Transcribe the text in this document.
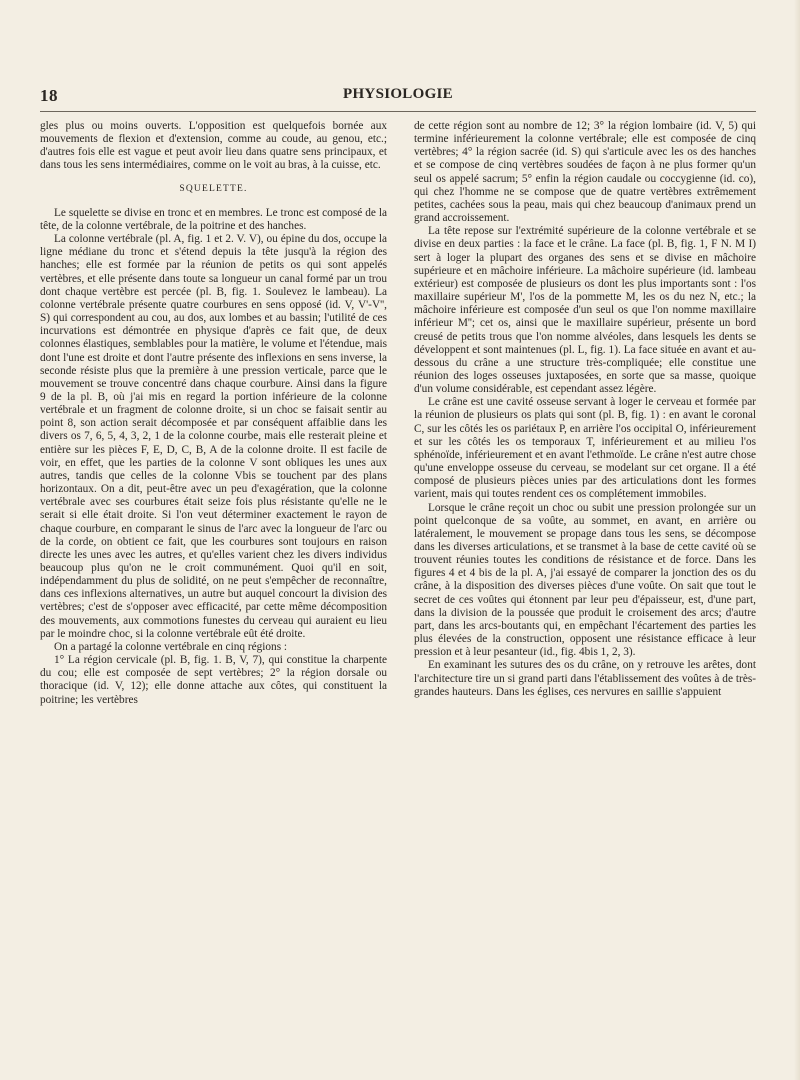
18	PHYSIOLOGIE

gles plus ou moins ouverts. L'opposition est quelquefois bornée aux mouvements de flexion et d'extension, comme au coude, au genou, etc.; d'autres fois elle est vague et peut avoir lieu dans quatre sens principaux, et dans tous les sens intermédiaires, comme on le voit au bras, à la cuisse, etc.

SQUELETTE.

Le squelette se divise en tronc et en membres. Le tronc est composé de la tête, de la colonne vertébrale, de la poitrine et des hanches.

La colonne vertébrale (pl. A, fig. 1 et 2. V. V), ou épine du dos, occupe la ligne médiane du tronc et s'étend depuis la tête jusqu'à la région des hanches; elle est formée par la réunion de petits os qui sont appelés vertèbres, et elle présente dans toute sa longueur un canal formé par un trou dont chaque vertèbre est percée (pl. B, fig. 1. Soulevez le lambeau). La colonne vertébrale présente quatre courbures en sens opposé (id. V, V'-V'', S) qui correspondent au cou, au dos, aux lombes et au bassin; l'utilité de ces incurvations est démontrée en physique d'après ce fait que, de deux colonnes élastiques, semblables pour la matière, le volume et l'étendue, mais dont l'une est droite et dont l'autre présente des inflexions en sens inverse, la seconde résiste plus que la première à une pression verticale, parce que le mouvement se trouve concentré dans chaque courbure. Ainsi dans la figure 9 de la pl. B, où j'ai mis en regard la portion inférieure de la colonne vertébrale et un fragment de colonne droite, si un choc se faisait sentir au point 8, son action serait décomposée et par conséquent affaiblie dans les divers os 7, 6, 5, 4, 3, 2, 1 de la colonne courbe, mais elle resterait pleine et entière sur les pièces F, E, D, C, B, A de la colonne droite. Il est facile de voir, en effet, que les parties de la colonne V sont obliques les unes aux autres, tandis que celles de la colonne Vbis se touchent par des plans horizontaux. On a dit, peut-être avec un peu d'exagération, que la colonne vertébrale avec ses courbures était seize fois plus résistante qu'elle ne le serait si elle était droite. Si l'on veut déterminer exactement le rayon de chaque courbure, en comparant le sinus de l'arc avec la longueur de l'arc ou de la corde, on obtient ce fait, que les courbures sont toujours en raison directe les unes avec les autres, et qu'elles varient chez les divers individus beaucoup plus qu'on ne le croit communément. Quoi qu'il en soit, indépendamment du plus de solidité, on ne peut s'empêcher de reconnaître, dans ces inflexions alternatives, un autre but auquel concourt la division des vertèbres; c'est de s'opposer avec efficacité, par cette même décomposition des mouvements, aux commotions funestes du cerveau qui auraient eu lieu par le moindre choc, si la colonne vertébrale eût été droite.

On a partagé la colonne vertébrale en cinq régions :

1° La région cervicale (pl. B, fig. 1. B, V, 7), qui constitue la charpente du cou; elle est composée de sept vertèbres; 2° la région dorsale ou thoracique (id. V, 12); elle donne attache aux côtes, qui constituent la poitrine; les vertèbres

de cette région sont au nombre de 12; 3° la région lombaire (id. V, 5) qui termine inférieurement la colonne vertébrale; elle est composée de cinq vertèbres; 4° la région sacrée (id. S) qui s'articule avec les os des hanches et se compose de cinq vertèbres soudées de façon à ne plus former qu'un seul os appelé sacrum; 5° enfin la région caudale ou coccygienne (id. co), qui chez l'homme ne se compose que de quatre vertèbres extrêmement petites, cachées sous la peau, mais qui chez beaucoup d'animaux prend un grand accroissement.

La tête repose sur l'extrémité supérieure de la colonne vertébrale et se divise en deux parties : la face et le crâne. La face (pl. B, fig. 1, F N. M I) sert à loger la plupart des organes des sens et se divise en mâchoire supérieure et en mâchoire inférieure. La mâchoire supérieure (id. lambeau extérieur) est composée de plusieurs os dont les plus importants sont : l'os maxillaire supérieur M', l'os de la pommette M, les os du nez N, etc.; la mâchoire inférieure est composée d'un seul os que l'on nomme maxillaire inférieur M''; cet os, ainsi que le maxillaire supérieur, présente un bord creusé de petits trous que l'on nomme alvéoles, dans lesquels les dents se développent et sont maintenues (pl. L, fig. 1). La face située en avant et au-dessous du crâne a une structure très-compliquée; elle constitue une réunion des loges osseuses juxtaposées, en sorte que sa masse, quoique d'un volume considérable, est cependant assez légère.

Le crâne est une cavité osseuse servant à loger le cerveau et formée par la réunion de plusieurs os plats qui sont (pl. B, fig. 1) : en avant le coronal C, sur les côtés les os pariétaux P, en arrière l'os occipital O, inférieurement et sur les côtés les os temporaux T, inférieurement et au milieu l'os sphénoïde, inférieurement et en avant l'ethmoïde. Le crâne n'est autre chose qu'une enveloppe osseuse du cerveau, se modelant sur cet organe. Il a été composé de plusieurs pièces unies par des articulations dont les formes varient, mais qui toutes rendent ces os complétement immobiles.

Lorsque le crâne reçoit un choc ou subit une pression prolongée sur un point quelconque de sa voûte, au sommet, en avant, en arrière ou latéralement, le mouvement se propage dans tous les sens, se décompose dans les diverses articulations, et se transmet à la base de cette cavité où se trouvent réunies toutes les conditions de résistance et de force. Dans les figures 4 et 4 bis de la pl. A, j'ai essayé de comparer la jonction des os du crâne, à la disposition des diverses pièces d'une voûte. On sait que tout le secret de ces voûtes qui étonnent par leur peu d'épaisseur, est, d'une part, dans la division de la poussée que produit le croisement des arcs; d'autre part, dans les arcs-boutants qui, en empêchant l'écartement des parties les plus élevées de la construction, opposent une résistance efficace à leur pression et à leur pesanteur (id., fig. 4bis 1, 2, 3).

En examinant les sutures des os du crâne, on y retrouve les arêtes, dont l'architecture tire un si grand parti dans l'établissement des voûtes à de très-grandes hauteurs. Dans les églises, ces nervures en saillie s'appuient
